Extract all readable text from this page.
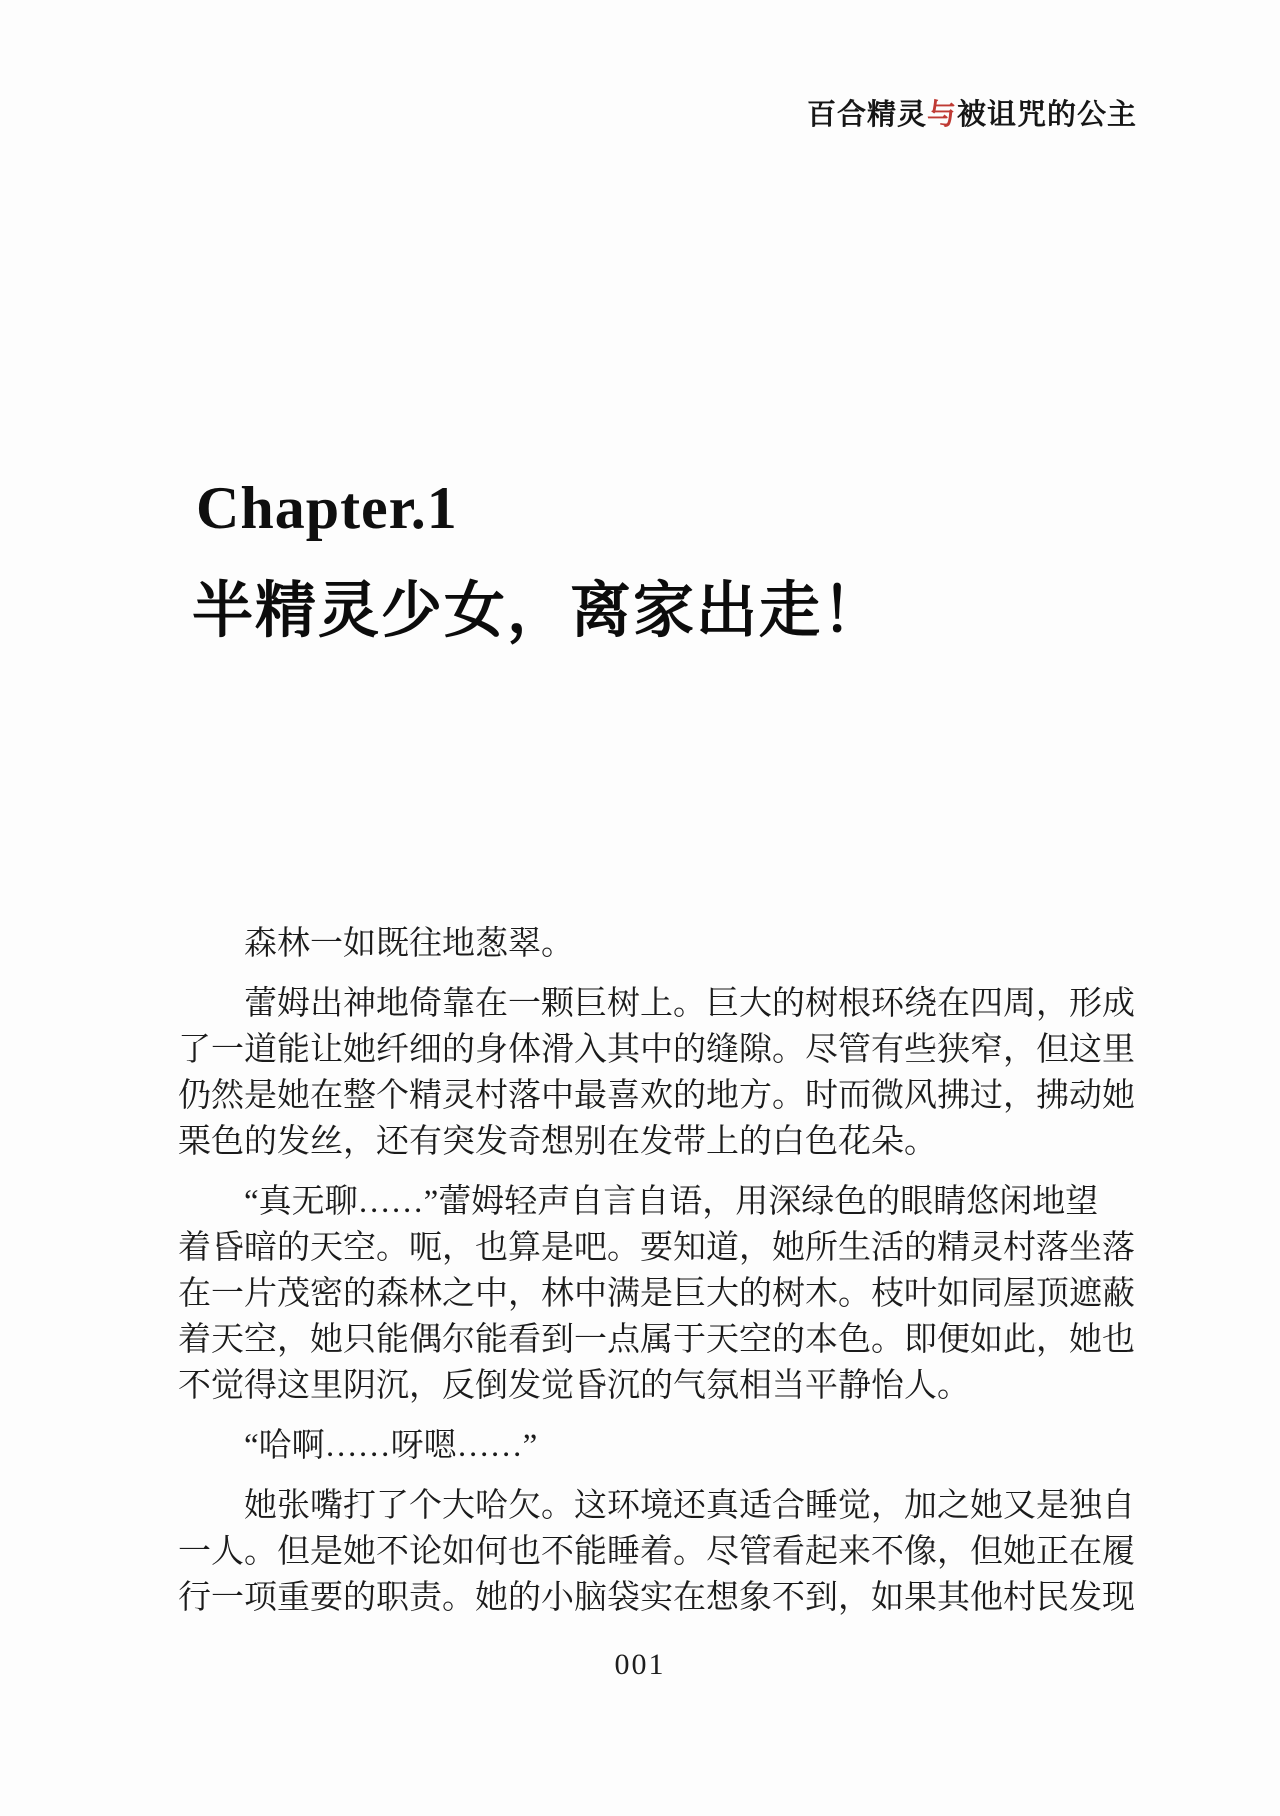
百合精灵与被诅咒的公主
Chapter.1
半精灵少女，离家出走！
森林一如既往地葱翠。
蕾姆出神地倚靠在一颗巨树上。巨大的树根环绕在四周，形成
了一道能让她纤细的身体滑入其中的缝隙。尽管有些狭窄，但这里
仍然是她在整个精灵村落中最喜欢的地方。时而微风拂过，拂动她
栗色的发丝，还有突发奇想别在发带上的白色花朵。
“真无聊……”蕾姆轻声自言自语，用深绿色的眼睛悠闲地望
着昏暗的天空。呃，也算是吧。要知道，她所生活的精灵村落坐落
在一片茂密的森林之中，林中满是巨大的树木。枝叶如同屋顶遮蔽
着天空，她只能偶尔能看到一点属于天空的本色。即便如此，她也
不觉得这里阴沉，反倒发觉昏沉的气氛相当平静怡人。
“哈啊……呀嗯……”
她张嘴打了个大哈欠。这环境还真适合睡觉，加之她又是独自
一人。但是她不论如何也不能睡着。尽管看起来不像，但她正在履
行一项重要的职责。她的小脑袋实在想象不到，如果其他村民发现
001
